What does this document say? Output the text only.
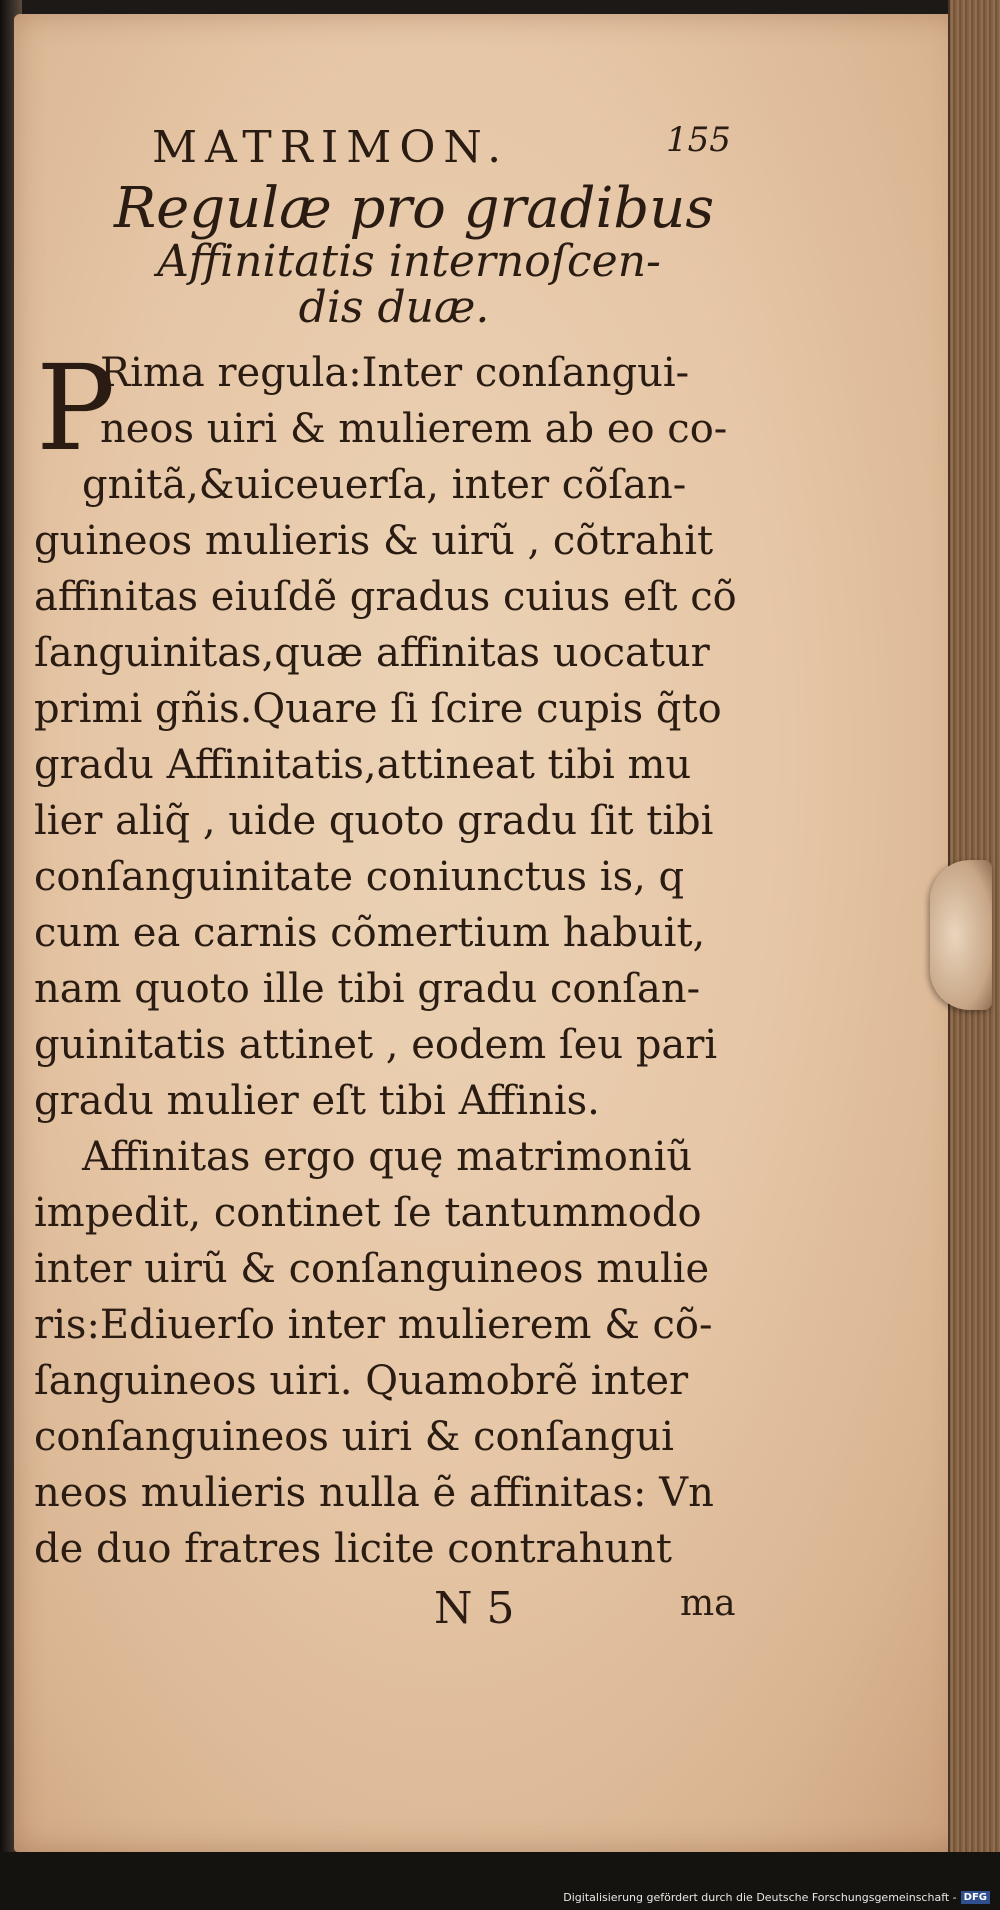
MATRIMON.	155
Regulæ pro gradibus
Affinitatis internoſcen-
dis duæ.
P
Rima regula:Inter conſangui-
neos uiri & mulierem ab eo co-
gnitã,&uiceuerſa, inter cõſan-
guineos mulieris & uirũ , cõtrahit
affinitas eiuſdẽ gradus cuius eſt cõ
ſanguinitas,quæ affinitas uocatur
primi gñis.Quare ſi ſcire cupis q̃to
gradu Affinitatis,attineat tibi mu
lier aliq̃ , uide quoto gradu ſit tibi
conſanguinitate coniunctus is, q
cum ea carnis cõmertium habuit,
nam quoto ille tibi gradu conſan-
guinitatis attinet , eodem ſeu pari
gradu mulier eſt tibi Affinis.
Affinitas ergo quę matrimoniũ
impedit, continet ſe tantummodo
inter uirũ & conſanguineos mulie
ris:Ediuerſo inter mulierem & cõ-
ſanguineos uiri. Quamobrẽ inter
conſanguineos uiri & conſangui
neos mulieris nulla ẽ affinitas: Vn
de duo fratres licite contrahunt
N 5	ma
Digitalisierung gefördert durch die Deutsche Forschungsgemeinschaft - DFG
